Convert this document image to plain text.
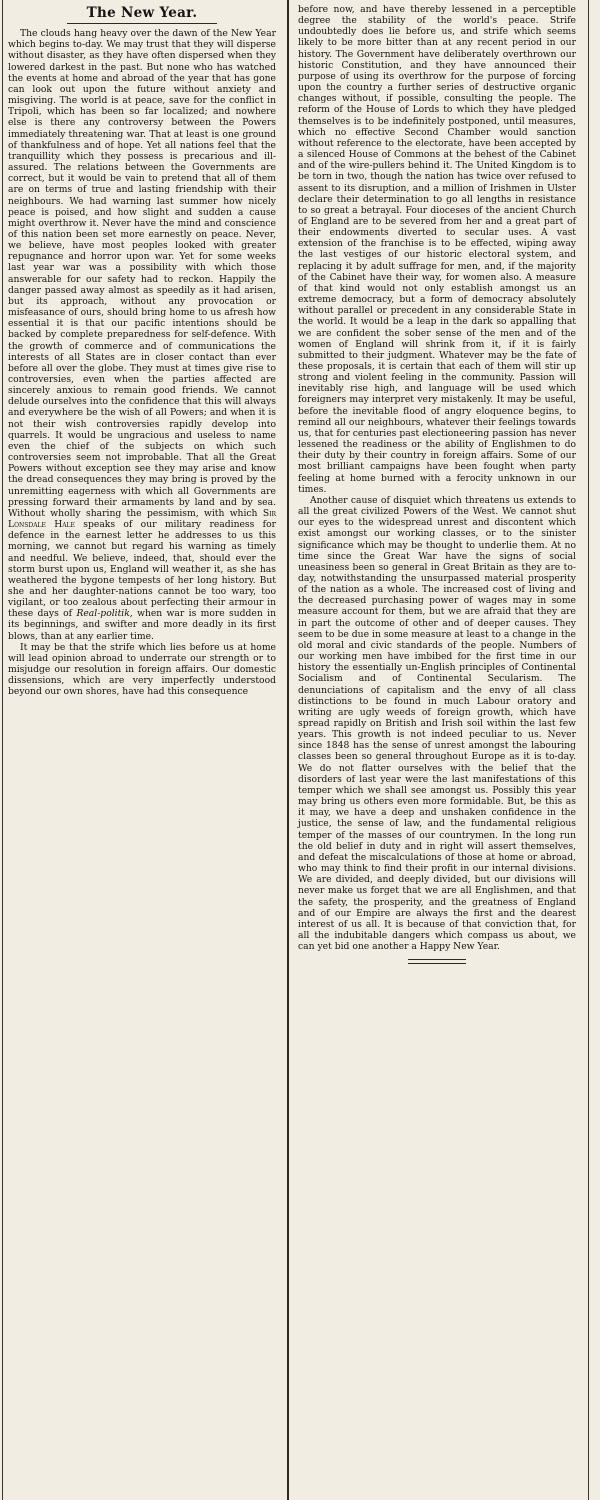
The New Year.

The clouds hang heavy over the dawn of the New Year which begins to-day. We may trust that they will disperse without disaster, as they have often dispersed when they lowered darkest in the past. But none who has watched the events at home and abroad of the year that has gone can look out upon the future without anxiety and misgiving. The world is at peace, save for the conflict in Tripoli, which has been so far localized; and nowhere else is there any controversy between the Powers immediately threatening war. That at least is one ground of thankfulness and of hope. Yet all nations feel that the tranquillity which they possess is precarious and ill-assured. The relations between the Governments are correct, but it would be vain to pretend that all of them are on terms of true and lasting friendship with their neighbours. We had warning last summer how nicely peace is poised, and how slight and sudden a cause might overthrow it. Never have the mind and conscience of this nation been set more earnestly on peace. Never, we believe, have most peoples looked with greater repugnance and horror upon war. Yet for some weeks last year war was a possibility with which those answerable for our safety had to reckon. Happily the danger passed away almost as speedily as it had arisen, but its approach, without any provocation or misfeasance of ours, should bring home to us afresh how essential it is that our pacific intentions should be backed by complete preparedness for self-defence. With the growth of commerce and of communications the interests of all States are in closer contact than ever before all over the globe. They must at times give rise to controversies, even when the parties affected are sincerely anxious to remain good friends. We cannot delude ourselves into the confidence that this will always and everywhere be the wish of all Powers; and when it is not their wish controversies rapidly develop into quarrels. It would be ungracious and useless to name even the chief of the subjects on which such controversies seem not improbable. That all the Great Powers without exception see they may arise and know the dread consequences they may bring is proved by the unremitting eagerness with which all Governments are pressing forward their armaments by land and by sea. Without wholly sharing the pessimism, with which Sir Lonsdale Hale speaks of our military readiness for defence in the earnest letter he addresses to us this morning, we cannot but regard his warning as timely and needful. We believe, indeed, that, should ever the storm burst upon us, England will weather it, as she has weathered the bygone tempests of her long history. But she and her daughter-nations cannot be too wary, too vigilant, or too zealous about perfecting their armour in these days of Real-politik, when war is more sudden in its beginnings, and swifter and more deadly in its first blows, than at any earlier time.

It may be that the strife which lies before us at home will lead opinion abroad to underrate our strength or to misjudge our resolution in foreign affairs. Our domestic dissensions, which are very imperfectly understood beyond our own shores, have had this consequence

before now, and have thereby lessened in a perceptible degree the stability of the world's peace. Strife undoubtedly does lie before us, and strife which seems likely to be more bitter than at any recent period in our history. The Government have deliberately overthrown our historic Constitution, and they have announced their purpose of using its overthrow for the purpose of forcing upon the country a further series of destructive organic changes without, if possible, consulting the people. The reform of the House of Lords to which they have pledged themselves is to be indefinitely postponed, until measures, which no effective Second Chamber would sanction without reference to the electorate, have been accepted by a silenced House of Commons at the behest of the Cabinet and of the wire-pullers behind it. The United Kingdom is to be torn in two, though the nation has twice over refused to assent to its disruption, and a million of Irishmen in Ulster declare their determination to go all lengths in resistance to so great a betrayal. Four dioceses of the ancient Church of England are to be severed from her and a great part of their endowments diverted to secular uses. A vast extension of the franchise is to be effected, wiping away the last vestiges of our historic electoral system, and replacing it by adult suffrage for men, and, if the majority of the Cabinet have their way, for women also. A measure of that kind would not only establish amongst us an extreme democracy, but a form of democracy absolutely without parallel or precedent in any considerable State in the world. It would be a leap in the dark so appalling that we are confident the sober sense of the men and of the women of England will shrink from it, if it is fairly submitted to their judgment. Whatever may be the fate of these proposals, it is certain that each of them will stir up strong and violent feeling in the community. Passion will inevitably rise high, and language will be used which foreigners may interpret very mistakenly. It may be useful, before the inevitable flood of angry eloquence begins, to remind all our neighbours, whatever their feelings towards us, that for centuries past electioneering passion has never lessened the readiness or the ability of Englishmen to do their duty by their country in foreign affairs. Some of our most brilliant campaigns have been fought when party feeling at home burned with a ferocity unknown in our times.

Another cause of disquiet which threatens us extends to all the great civilized Powers of the West. We cannot shut our eyes to the widespread unrest and discontent which exist amongst our working classes, or to the sinister significance which may be thought to underlie them. At no time since the Great War have the signs of social uneasiness been so general in Great Britain as they are to-day, notwithstanding the unsurpassed material prosperity of the nation as a whole. The increased cost of living and the decreased purchasing power of wages may in some measure account for them, but we are afraid that they are in part the outcome of other and of deeper causes. They seem to be due in some measure at least to a change in the old moral and civic standards of the people. Numbers of our working men have imbibed for the first time in our history the essentially un-English principles of Continental Socialism and of Continental Secularism. The denunciations of capitalism and the envy of all class distinctions to be found in much Labour oratory and writing are ugly weeds of foreign growth, which have spread rapidly on British and Irish soil within the last few years. This growth is not indeed peculiar to us. Never since 1848 has the sense of unrest amongst the labouring classes been so general throughout Europe as it is to-day. We do not flatter ourselves with the belief that the disorders of last year were the last manifestations of this temper which we shall see amongst us. Possibly this year may bring us others even more formidable. But, be this as it may, we have a deep and unshaken confidence in the justice, the sense of law, and the fundamental religious temper of the masses of our countrymen. In the long run the old belief in duty and in right will assert themselves, and defeat the miscalculations of those at home or abroad, who may think to find their profit in our internal divisions. We are divided, and deeply divided, but our divisions will never make us forget that we are all Englishmen, and that the safety, the prosperity, and the greatness of England and of our Empire are always the first and the dearest interest of us all. It is because of that conviction that, for all the indubitable dangers which compass us about, we can yet bid one another a Happy New Year.
